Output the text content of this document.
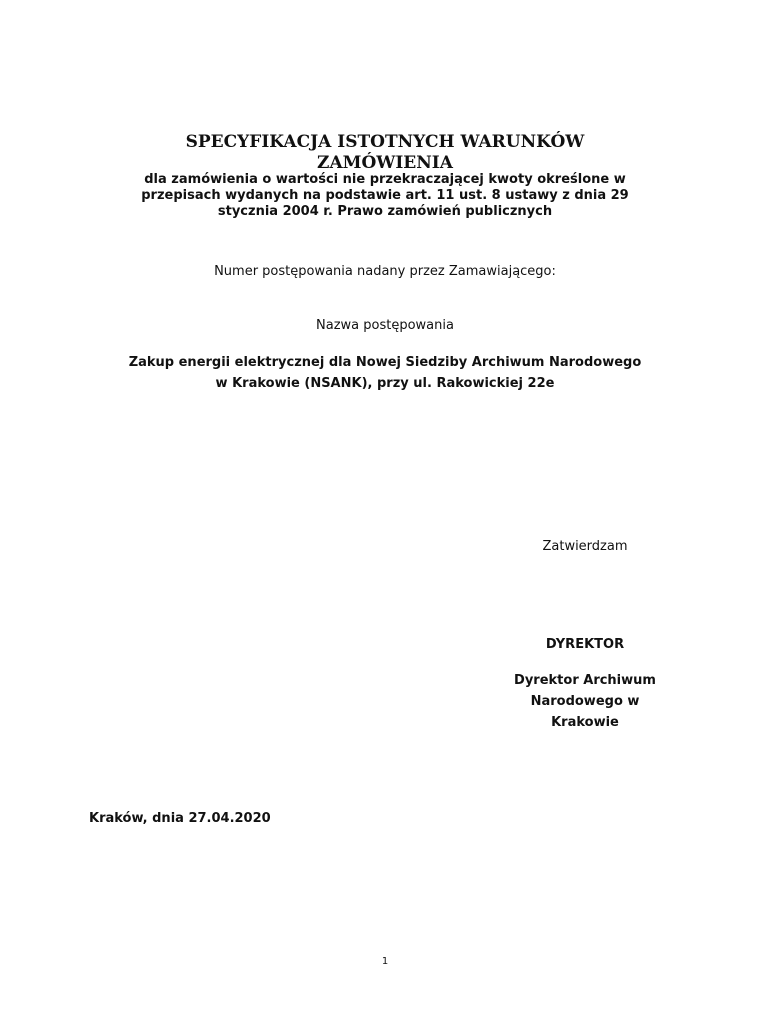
SPECYFIKACJA ISTOTNYCH WARUNKÓW
ZAMÓWIENIA
dla zamówienia o wartości nie przekraczającej kwoty określone w
przepisach wydanych na podstawie art. 11 ust. 8 ustawy z dnia 29
stycznia 2004 r. Prawo zamówień publicznych
Numer postępowania nadany przez Zamawiającego:
Nazwa postępowania
Zakup energii elektrycznej dla Nowej Siedziby Archiwum Narodowego
w Krakowie (NSANK), przy ul. Rakowickiej 22e
Zatwierdzam
DYREKTOR
Dyrektor Archiwum
Narodowego w
Krakowie
Kraków, dnia 27.04.2020
1
